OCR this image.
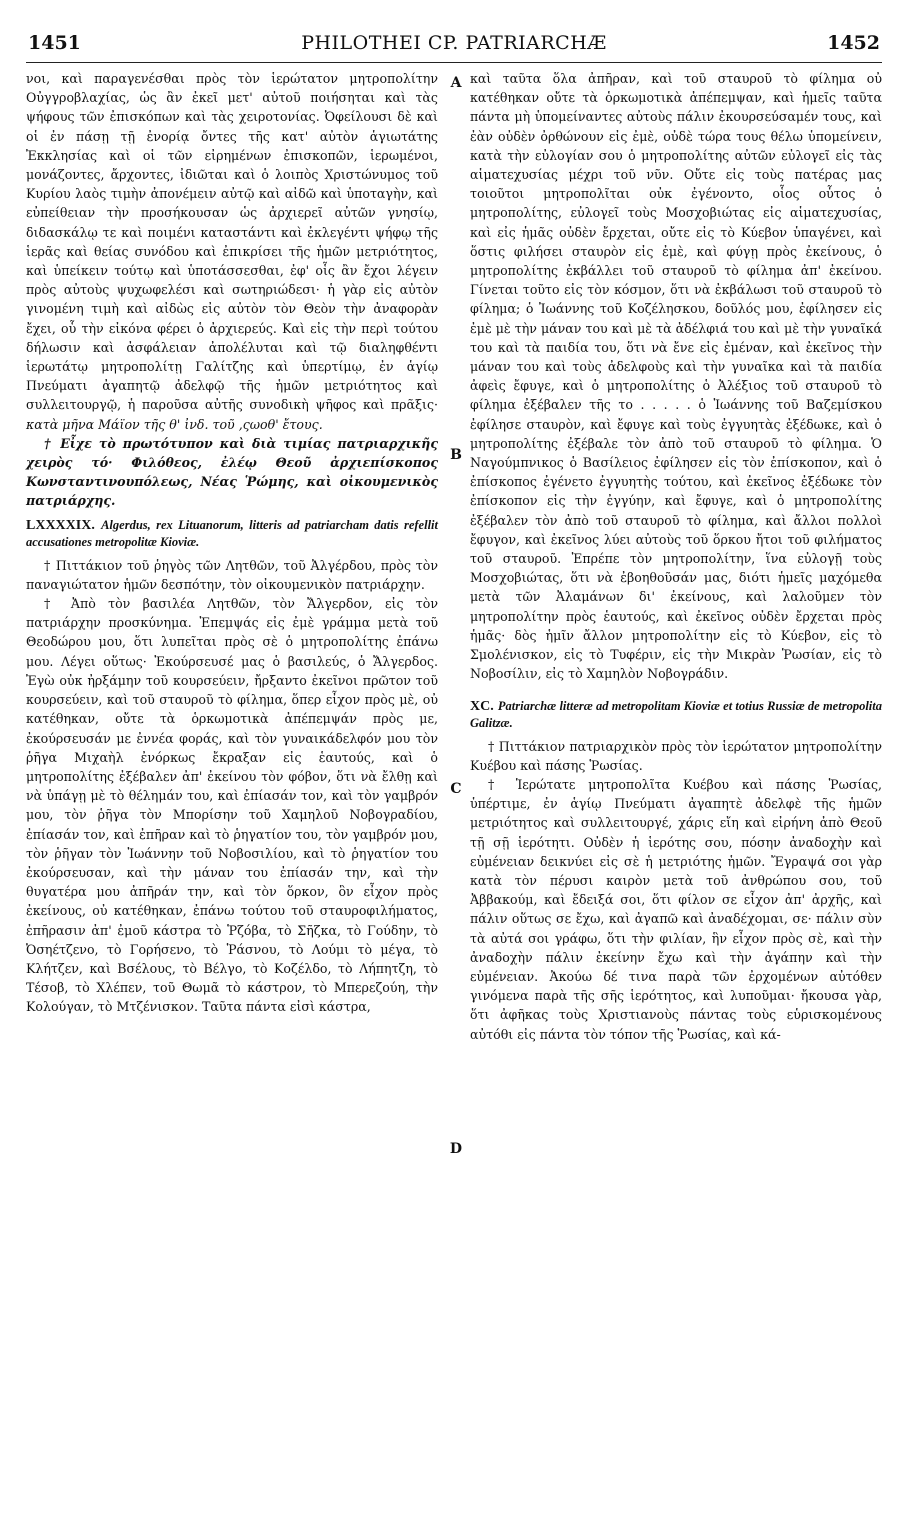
1451	PHILOTHEI CP. PATRIARCHÆ	1452
A
B
C
D

νοι, καὶ παραγενέσθαι πρὸς τὸν ἱερώτατον μητροπολίτην Οὐγγροβλαχίας, ὡς ἂν ἐκεῖ μετ' αὐτοῦ ποιήσηται καὶ τὰς ψήφους τῶν ἐπισκόπων καὶ τὰς χειροτονίας. Ὀφείλουσι δὲ καὶ οἱ ἐν πάσῃ τῇ ἐνορίᾳ ὄντες τῆς κατ' αὐτὸν ἁγιωτάτης Ἐκκλησίας καὶ οἱ τῶν εἰρημένων ἐπισκοπῶν, ἱερωμένοι, μονάζοντες, ἄρχοντες, ἰδιῶται καὶ ὁ λοιπὸς Χριστώνυμος τοῦ Κυρίου λαὸς τιμὴν ἀπονέμειν αὐτῷ καὶ αἰδῶ καὶ ὑποταγὴν, καὶ εὐπείθειαν τὴν προσήκουσαν ὡς ἀρχιερεῖ αὐτῶν γνησίῳ, διδασκάλῳ τε καὶ ποιμένι καταστάντι καὶ ἐκλεγέντι ψήφῳ τῆς ἱερᾶς καὶ θείας συνόδου καὶ ἐπικρίσει τῆς ἡμῶν μετριότητος, καὶ ὑπείκειν τούτῳ καὶ ὑποτάσσεσθαι, ἐφ' οἷς ἂν ἔχοι λέγειν πρὸς αὐτοὺς ψυχωφελέσι καὶ σωτηριώδεσι· ἡ γὰρ εἰς αὐτὸν γινομένη τιμὴ καὶ αἰδὼς εἰς αὐτὸν τὸν Θεὸν τὴν ἀναφορὰν ἔχει, οὗ τὴν εἰκόνα φέρει ὁ ἀρχιερεύς. Καὶ εἰς τὴν περὶ τούτου δήλωσιν καὶ ἀσφάλειαν ἀπολέλυται καὶ τῷ διαληφθέντι ἱερωτάτῳ μητροπολίτῃ Γαλίτζης καὶ ὑπερτίμῳ, ἐν ἁγίῳ Πνεύματι ἀγαπητῷ ἀδελφῷ τῆς ἡμῶν μετριότητος καὶ συλλειτουργῷ, ἡ παροῦσα αὐτῆς συνοδικὴ ψῆφος καὶ πρᾶξις· κατὰ μῆνα Μάϊον τῆς θ' ἰνδ. τοῦ ,ςωοθ' ἔτους.

† Εἶχε τὸ πρωτότυπον καὶ διὰ τιμίας πατριαρχικῆς χειρὸς τό· Φιλόθεος, ἐλέῳ Θεοῦ ἀρχιεπίσκοπος Κωνσταντινουπόλεως, Νέας Ῥώμης, καὶ οἰκουμενικὸς πατριάρχης.

LXXXXIX. Algerdus, rex Lituanorum, litteris ad patriarcham datis refellit accusationes metropolitæ Kioviæ.

† Πιττάκιον τοῦ ῥηγὸς τῶν Λητθῶν, τοῦ Ἀλγέρδου, πρὸς τὸν παναγιώτατον ἡμῶν δεσπότην, τὸν οἰκουμενικὸν πατριάρχην.

† Ἀπὸ τὸν βασιλέα Λητθῶν, τὸν Ἄλγερδον, εἰς τὸν πατριάρχην προσκύνημα. Ἐπεμψάς εἰς ἐμὲ γράμμα μετὰ τοῦ Θεοδώρου μου, ὅτι λυπεῖται πρὸς σὲ ὁ μητροπολίτης ἐπάνω μου. Λέγει οὕτως· Ἐκούρσευσέ μας ὁ βασιλεύς, ὁ Ἄλγερδος. Ἐγὼ οὐκ ἠρξάμην τοῦ κουρσεύειν, ἤρξαντο ἐκεῖνοι πρῶτον τοῦ κουρσεύειν, καὶ τοῦ σταυροῦ τὸ φίλημα, ὅπερ εἶχον πρὸς μὲ, οὐ κατέθηκαν, οὔτε τὰ ὁρκωμοτικὰ ἀπέπεμψάν πρὸς με, ἐκούρσευσάν με ἐννέα φοράς, καὶ τὸν γυναικάδελφόν μου τὸν ῥῆγα Μιχαὴλ ἐνόρκως ἔκραξαν εἰς ἑαυτούς, καὶ ὁ μητροπολίτης ἐξέβαλεν ἀπ' ἐκείνου τὸν φόβον, ὅτι νὰ ἔλθῃ καὶ νὰ ὑπάγῃ μὲ τὸ θέλημάν του, καὶ ἐπίασάν τον, καὶ τὸν γαμβρόν μου, τὸν ῥῆγα τὸν Μπορίσην τοῦ Χαμηλοῦ Νοβογραδίου, ἐπίασάν τον, καὶ ἐπῆραν καὶ τὸ ῥηγατίον του, τὸν γαμβρόν μου, τὸν ῥῆγαν τὸν Ἰωάννην τοῦ Νοβοσιλίου, καὶ τὸ ῥηγατίον του ἐκούρσευσαν, καὶ τὴν μάναν του ἐπίασάν την, καὶ τὴν θυγατέρα μου ἀπῆράν την, καὶ τὸν ὅρκον, ὃν εἶχον πρὸς ἐκείνους, οὐ κατέθηκαν, ἐπάνω τούτου τοῦ σταυροφιλήματος, ἐπῆρασιν ἀπ' ἐμοῦ κάστρα τὸ Ῥζόβα, τὸ Σῆζκα, τὸ Γούδην, τὸ Ὀσηέτζενο, τὸ Γορήσενο, τὸ Ῥάσνου, τὸ Λούμι τὸ μέγα, τὸ Κλήτζεν, καὶ Βσέλους, τὸ Βέλγο, τὸ Κοζέλδο, τὸ Λήπητζη, τὸ Τέσοβ, τὸ Χλέπεν, τοῦ Θωμᾶ τὸ κάστρον, τὸ Μπερεζούη, τὴν Κολούγαν, τὸ Μτζένισκον. Ταῦτα πάντα εἰσὶ κάστρα,

καὶ ταῦτα ὅλα ἀπῆραν, καὶ τοῦ σταυροῦ τὸ φίλημα οὐ κατέθηκαν οὔτε τὰ ὁρκωμοτικὰ ἀπέπεμψαν, καὶ ἡμεῖς ταῦτα πάντα μὴ ὑπομείναντες αὐτοὺς πάλιν ἐκουρσεύσαμέν τους, καὶ ἐὰν οὐδὲν ὀρθώνουν εἰς ἐμὲ, οὐδὲ τώρα τους θέλω ὑπομείνειν, κατὰ τὴν εὐλογίαν σου ὁ μητροπολίτης αὐτῶν εὐλογεῖ εἰς τὰς αἱματεχυσίας μέχρι τοῦ νῦν. Οὔτε εἰς τοὺς πατέρας μας τοιοῦτοι μητροπολῖται οὐκ ἐγένοντο, οἷος οὗτος ὁ μητροπολίτης, εὐλογεῖ τοὺς Μοσχοβιώτας εἰς αἱματεχυσίας, καὶ εἰς ἡμᾶς οὐδὲν ἔρχεται, οὔτε εἰς τὸ Κύεβον ὑπαγένει, καὶ ὅστις φιλήσει σταυρὸν εἰς ἐμὲ, καὶ φύγῃ πρὸς ἐκείνους, ὁ μητροπολίτης ἐκβάλλει τοῦ σταυροῦ τὸ φίλημα ἀπ' ἐκείνου. Γίνεται τοῦτο εἰς τὸν κόσμον, ὅτι νὰ ἐκβάλωσι τοῦ σταυροῦ τὸ φίλημα; ὁ Ἰωάννης τοῦ Κοζέλησκου, δοῦλός μου, ἐφίλησεν εἰς ἐμὲ μὲ τὴν μάναν του καὶ μὲ τὰ ἀδέλφιά του καὶ μὲ τὴν γυναῖκά του καὶ τὰ παιδία του, ὅτι νὰ ἔνε εἰς ἐμέναν, καὶ ἐκεῖνος τὴν μάναν του καὶ τοὺς ἀδελφοὺς καὶ τὴν γυναῖκα καὶ τὰ παιδία ἀφεὶς ἔφυγε, καὶ ὁ μητροπολίτης ὁ Ἀλέξιος τοῦ σταυροῦ τὸ φίλημα ἐξέβαλεν τῆς το . . . . . ὁ Ἰωάννης τοῦ Βαζεμίσκου ἐφίλησε σταυρὸν, καὶ ἔφυγε καὶ τοὺς ἐγγυητὰς ἐξέδωκε, καὶ ὁ μητροπολίτης ἐξέβαλε τὸν ἀπὸ τοῦ σταυροῦ τὸ φίλημα. Ὁ Ναγούμπνικος ὁ Βασίλειος ἐφίλησεν εἰς τὸν ἐπίσκοπον, καὶ ὁ ἐπίσκοπος ἐγένετο ἐγγυητὴς τούτου, καὶ ἐκεῖνος ἐξέδωκε τὸν ἐπίσκοπον εἰς τὴν ἐγγύην, καὶ ἔφυγε, καὶ ὁ μητροπολίτης ἐξέβαλεν τὸν ἀπὸ τοῦ σταυροῦ τὸ φίλημα, καὶ ἄλλοι πολλοὶ ἔφυγον, καὶ ἐκεῖνος λύει αὐτοὺς τοῦ ὅρκου ἤτοι τοῦ φιλήματος τοῦ σταυροῦ. Ἐπρέπε τὸν μητροπολίτην, ἵνα εὐλογῇ τοὺς Μοσχοβιώτας, ὅτι νὰ ἐβοηθοῦσάν μας, διότι ἡμεῖς μαχόμεθα μετὰ τῶν Ἀλαμάνων δι' ἐκείνους, καὶ λαλοῦμεν τὸν μητροπολίτην πρὸς ἑαυτούς, καὶ ἐκεῖνος οὐδὲν ἔρχεται πρὸς ἡμᾶς· δὸς ἡμῖν ἄλλον μητροπολίτην εἰς τὸ Κύεβον, εἰς τὸ Σμολένισκον, εἰς τὸ Τυφέριν, εἰς τὴν Μικρὰν Ῥωσίαν, εἰς τὸ Νοβοσίλιν, εἰς τὸ Χαμηλὸν Νοβογράδιν.

XC. Patriarchæ litteræ ad metropolitam Kioviæ et totius Russiæ de metropolita Galitzæ.

† Πιττάκιον πατριαρχικὸν πρὸς τὸν ἱερώτατον μητροπολίτην Κυέβου καὶ πάσης Ῥωσίας.

† Ἱερώτατε μητροπολῖτα Κυέβου καὶ πάσης Ῥωσίας, ὑπέρτιμε, ἐν ἁγίῳ Πνεύματι ἀγαπητὲ ἀδελφὲ τῆς ἡμῶν μετριότητος καὶ συλλειτουργέ, χάρις εἴη καὶ εἰρήνη ἀπὸ Θεοῦ τῇ σῇ ἱερότητι. Οὐδὲν ἡ ἱερότης σου, πόσην ἀναδοχὴν καὶ εὐμένειαν δεικνύει εἰς σὲ ἡ μετριότης ἡμῶν. Ἔγραψά σοι γὰρ κατὰ τὸν πέρυσι καιρὸν μετὰ τοῦ ἀνθρώπου σου, τοῦ Ἀββακούμ, καὶ ἔδειξά σοι, ὅτι φίλον σε εἶχον ἀπ' ἀρχῆς, καὶ πάλιν οὕτως σε ἔχω, καὶ ἀγαπῶ καὶ ἀναδέχομαι, σε· πάλιν σὺν τὰ αὐτά σοι γράφω, ὅτι τὴν φιλίαν, ἣν εἶχον πρὸς σὲ, καὶ τὴν ἀναδοχὴν πάλιν ἐκείνην ἔχω καὶ τὴν ἀγάπην καὶ τὴν εὐμένειαν. Ἀκούω δέ τινα παρὰ τῶν ἐρχομένων αὐτόθεν γινόμενα παρὰ τῆς σῆς ἱερότητος, καὶ λυποῦμαι· ἤκουσα γὰρ, ὅτι ἀφῆκας τοὺς Χριστιανοὺς πάντας τοὺς εὑρισκομένους αὐτόθι εἰς πάντα τὸν τόπον τῆς Ῥωσίας, καὶ κά-
